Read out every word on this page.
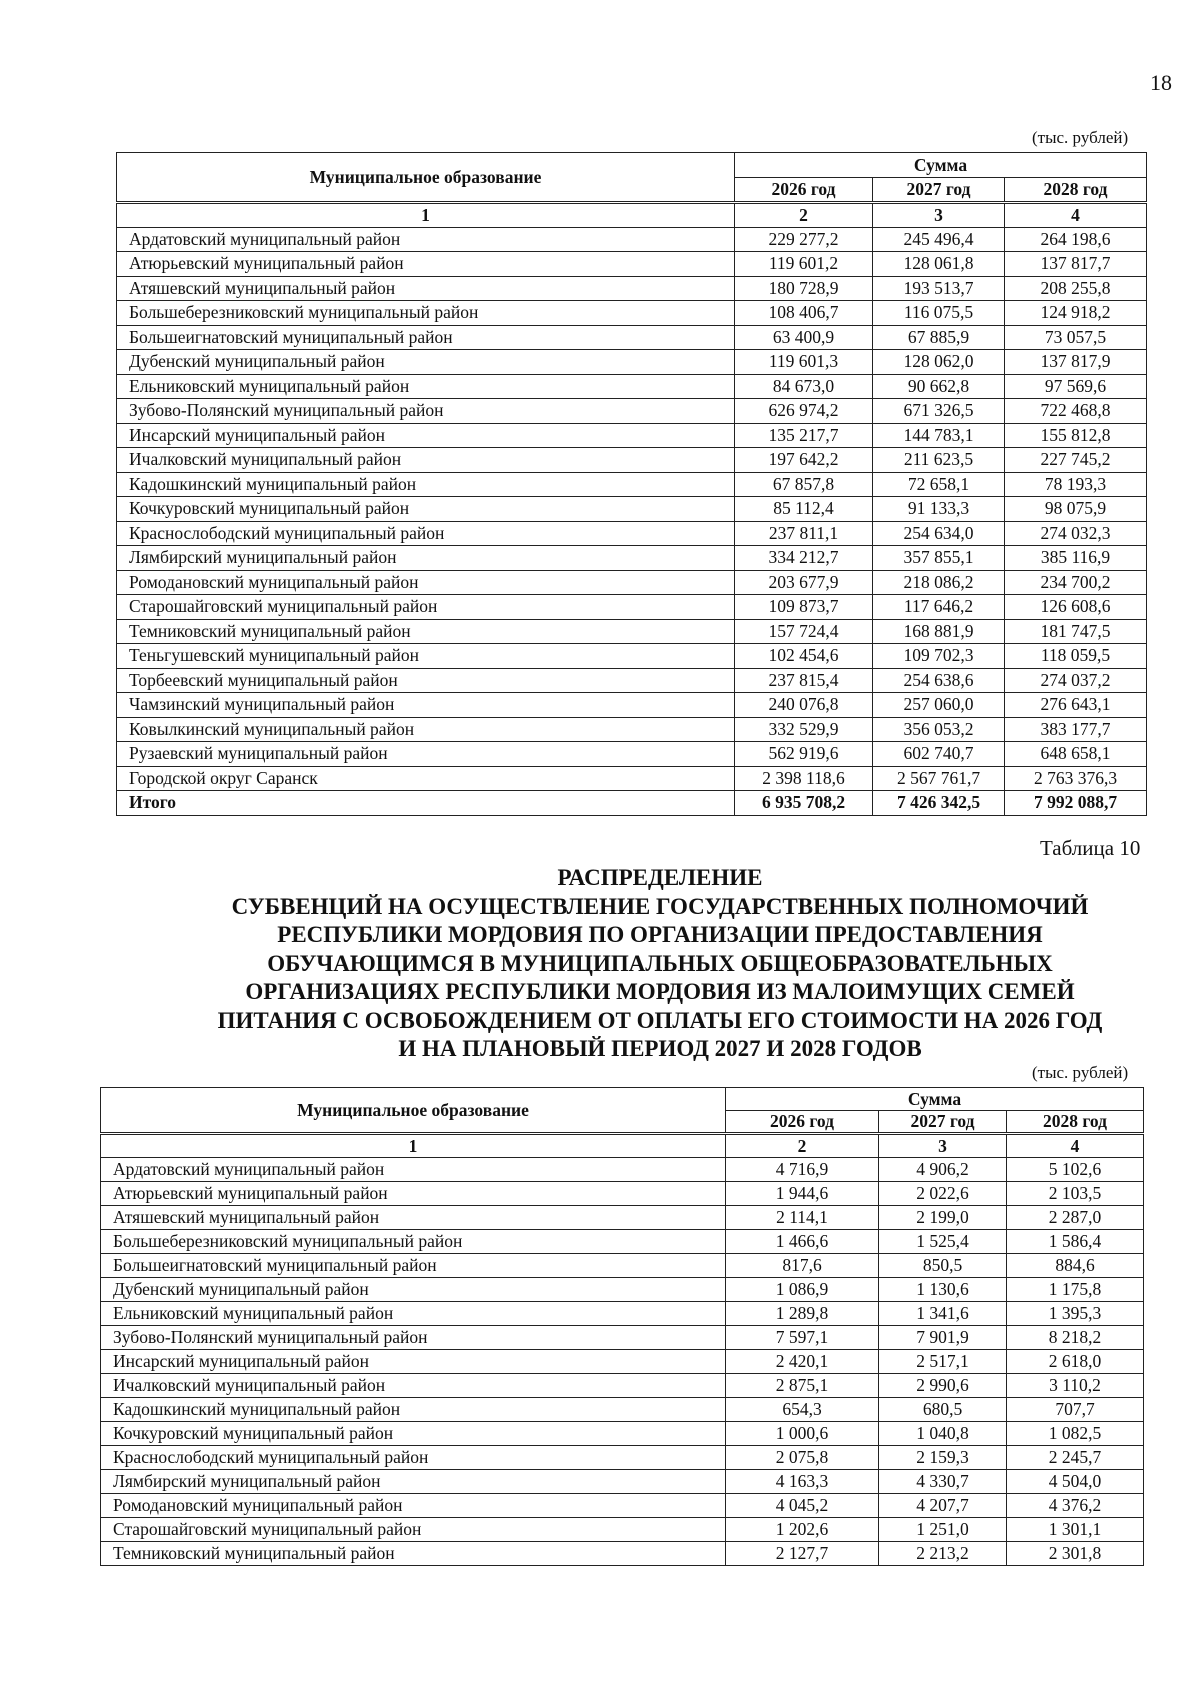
18
(тыс. рублей)
Муниципальное образование	Сумма		
	2026 год	2027 год	2028 год
1	2	3	4
Ардатовский муниципальный район	229 277,2	245 496,4	264 198,6
Атюрьевский муниципальный район	119 601,2	128 061,8	137 817,7
Атяшевский муниципальный район	180 728,9	193 513,7	208 255,8
Большеберезниковский муниципальный район	108 406,7	116 075,5	124 918,2
Большеигнатовский муниципальный район	63 400,9	67 885,9	73 057,5
Дубенский муниципальный район	119 601,3	128 062,0	137 817,9
Ельниковский муниципальный район	84 673,0	90 662,8	97 569,6
Зубово-Полянский муниципальный район	626 974,2	671 326,5	722 468,8
Инсарский муниципальный район	135 217,7	144 783,1	155 812,8
Ичалковский муниципальный район	197 642,2	211 623,5	227 745,2
Кадошкинский муниципальный район	67 857,8	72 658,1	78 193,3
Кочкуровский муниципальный район	85 112,4	91 133,3	98 075,9
Краснослободский муниципальный район	237 811,1	254 634,0	274 032,3
Лямбирский муниципальный район	334 212,7	357 855,1	385 116,9
Ромодановский муниципальный район	203 677,9	218 086,2	234 700,2
Старошайговский муниципальный район	109 873,7	117 646,2	126 608,6
Темниковский муниципальный район	157 724,4	168 881,9	181 747,5
Теньгушевский муниципальный район	102 454,6	109 702,3	118 059,5
Торбеевский муниципальный район	237 815,4	254 638,6	274 037,2
Чамзинский муниципальный район	240 076,8	257 060,0	276 643,1
Ковылкинский муниципальный район	332 529,9	356 053,2	383 177,7
Рузаевский муниципальный район	562 919,6	602 740,7	648 658,1
Городской округ Саранск	2 398 118,6	2 567 761,7	2 763 376,3
Итого	6 935 708,2	7 426 342,5	7 992 088,7
Таблица 10
РАСПРЕДЕЛЕНИЕ
СУБВЕНЦИЙ НА ОСУЩЕСТВЛЕНИЕ ГОСУДАРСТВЕННЫХ ПОЛНОМОЧИЙ
РЕСПУБЛИКИ МОРДОВИЯ ПО ОРГАНИЗАЦИИ ПРЕДОСТАВЛЕНИЯ
ОБУЧАЮЩИМСЯ В МУНИЦИПАЛЬНЫХ ОБЩЕОБРАЗОВАТЕЛЬНЫХ
ОРГАНИЗАЦИЯХ РЕСПУБЛИКИ МОРДОВИЯ ИЗ МАЛОИМУЩИХ СЕМЕЙ
ПИТАНИЯ С ОСВОБОЖДЕНИЕМ ОТ ОПЛАТЫ ЕГО СТОИМОСТИ НА 2026 ГОД
И НА ПЛАНОВЫЙ ПЕРИОД 2027 И 2028 ГОДОВ
(тыс. рублей)
Муниципальное образование	Сумма		
	2026 год	2027 год	2028 год
1	2	3	4
Ардатовский муниципальный район	4 716,9	4 906,2	5 102,6
Атюрьевский муниципальный район	1 944,6	2 022,6	2 103,5
Атяшевский муниципальный район	2 114,1	2 199,0	2 287,0
Большеберезниковский муниципальный район	1 466,6	1 525,4	1 586,4
Большеигнатовский муниципальный район	817,6	850,5	884,6
Дубенский муниципальный район	1 086,9	1 130,6	1 175,8
Ельниковский муниципальный район	1 289,8	1 341,6	1 395,3
Зубово-Полянский муниципальный район	7 597,1	7 901,9	8 218,2
Инсарский муниципальный район	2 420,1	2 517,1	2 618,0
Ичалковский муниципальный район	2 875,1	2 990,6	3 110,2
Кадошкинский муниципальный район	654,3	680,5	707,7
Кочкуровский муниципальный район	1 000,6	1 040,8	1 082,5
Краснослободский муниципальный район	2 075,8	2 159,3	2 245,7
Лямбирский муниципальный район	4 163,3	4 330,7	4 504,0
Ромодановский муниципальный район	4 045,2	4 207,7	4 376,2
Старошайговский муниципальный район	1 202,6	1 251,0	1 301,1
Темниковский муниципальный район	2 127,7	2 213,2	2 301,8
